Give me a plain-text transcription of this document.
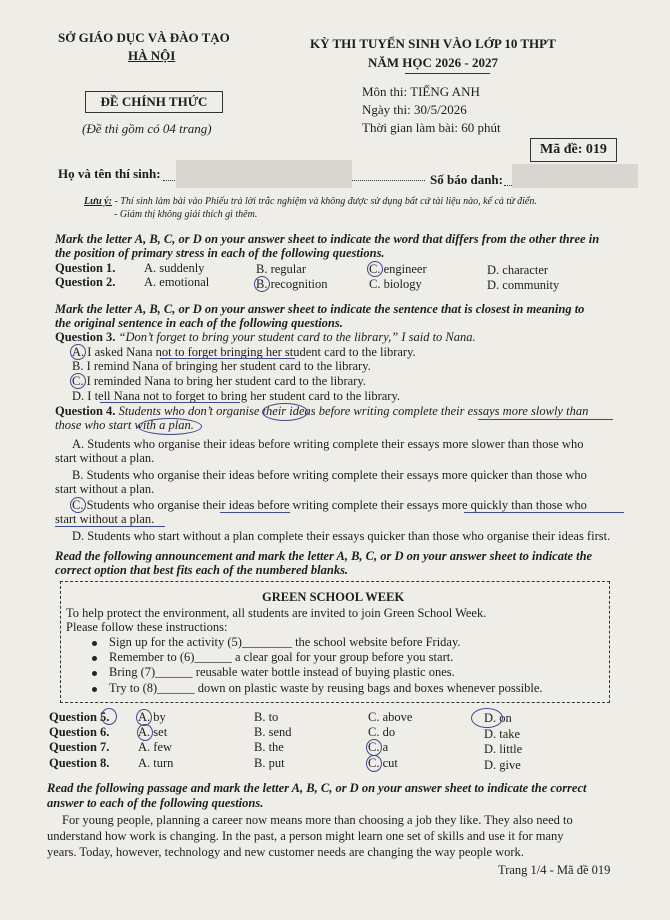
SỞ GIÁO DỤC VÀ ĐÀO TẠO
HÀ NỘI
KỲ THI TUYỂN SINH VÀO LỚP 10 THPT
NĂM HỌC 2026 - 2027
ĐỀ CHÍNH THỨC
(Đề thi gồm có 04 trang)
Môn thi: TIẾNG ANH
Ngày thi: 30/5/2026
Thời gian làm bài: 60 phút
Mã đề: 019
Họ và tên thí sinh:	Số báo danh:
Lưu ý: - Thí sinh làm bài vào Phiếu trả lời trắc nghiệm và không được sử dụng bất cứ tài liệu nào, kể cả từ điển.
- Giám thị không giải thích gì thêm.
Mark the letter A, B, C, or D on your answer sheet to indicate the word that differs from the other three in
the position of primary stress in each of the following questions.
Question 1. A. suddenly	B. regular	C. engineer	D. character
Question 2. A. emotional	B. recognition	C. biology	D. community
Mark the letter A, B, C, or D on your answer sheet to indicate the sentence that is closest in meaning to
the original sentence in each of the following questions.
Question 3. “Don’t forget to bring your student card to the library,” I said to Nana.
A. I asked Nana not to forget bringing her student card to the library.
B. I remind Nana of bringing her student card to the library.
C. I reminded Nana to bring her student card to the library.
D. I tell Nana not to forget to bring her student card to the library.
Question 4. Students who don’t organise their ideas before writing complete their essays more slowly than
those who start with a plan.
A. Students who organise their ideas before writing complete their essays more slower than those who
start without a plan.
B. Students who organise their ideas before writing complete their essays more quicker than those who
start without a plan.
C. Students who organise their ideas before writing complete their essays more quickly than those who
start without a plan.
D. Students who start without a plan complete their essays quicker than those who organise their ideas first.
Read the following announcement and mark the letter A, B, C, or D on your answer sheet to indicate the
correct option that best fits each of the numbered blanks.
GREEN SCHOOL WEEK
To help protect the environment, all students are invited to join Green School Week.
Please follow these instructions:
Sign up for the activity (5)________ the school website before Friday.
Remember to (6)______ a clear goal for your group before you start.
Bring (7)______ reusable water bottle instead of buying plastic ones.
Try to (8)______ down on plastic waste by reusing bags and boxes whenever possible.
Question 5. A. by	B. to	C. above	D. on
Question 6. A. set	B. send	C. do	D. take
Question 7. A. few	B. the	C. a	D. little
Question 8. A. turn	B. put	C. cut	D. give
Read the following passage and mark the letter A, B, C, or D on your answer sheet to indicate the correct
answer to each of the following questions.
For young people, planning a career now means more than choosing a job they like. They also need to
understand how work is changing. In the past, a person might learn one set of skills and use it for many
years. Today, however, technology and new customer needs are changing the way people work.
Trang 1/4 - Mã đề 019
